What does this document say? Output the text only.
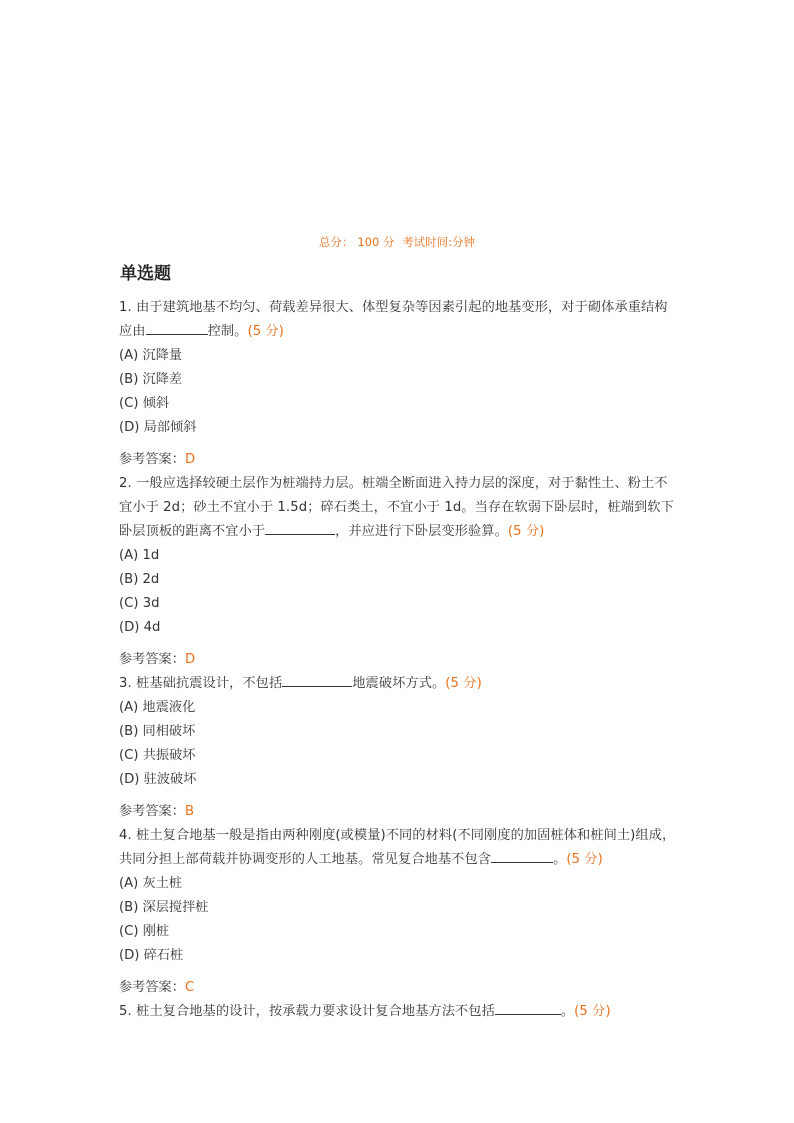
总分： 100 分 考试时间:分钟
单选题

1. 由于建筑地基不均匀、荷载差异很大、体型复杂等因素引起的地基变形，对于砌体承重结构应由	控制。(5 分)

(A) 沉降量
(B) 沉降差
(C) 倾斜
(D) 局部倾斜
参考答案：D

2. 一般应选择较硬土层作为桩端持力层。桩端全断面进入持力层的深度，对于黏性土、粉土不宜小于 2d；砂土不宜小于 1.5d；碎石类土，不宜小于 1d。当存在软弱下卧层时，桩端到软下卧层顶板的距离不宜小于	，并应进行下卧层变形验算。(5 分)

(A) 1d
(B) 2d
(C) 3d
(D) 4d
参考答案：D

3. 桩基础抗震设计，不包括	地震破坏方式。(5 分)

(A) 地震液化
(B) 同相破坏
(C) 共振破坏
(D) 驻波破坏
参考答案：B

4. 桩土复合地基一般是指由两种刚度(或模量)不同的材料(不同刚度的加固桩体和桩间土)组成，共同分担上部荷载并协调变形的人工地基。常见复合地基不包含	。(5 分)

(A) 灰土桩
(B) 深层搅拌桩
(C) 刚桩
(D) 碎石桩
参考答案：C

5. 桩土复合地基的设计，按承载力要求设计复合地基方法不包括	。(5 分)
